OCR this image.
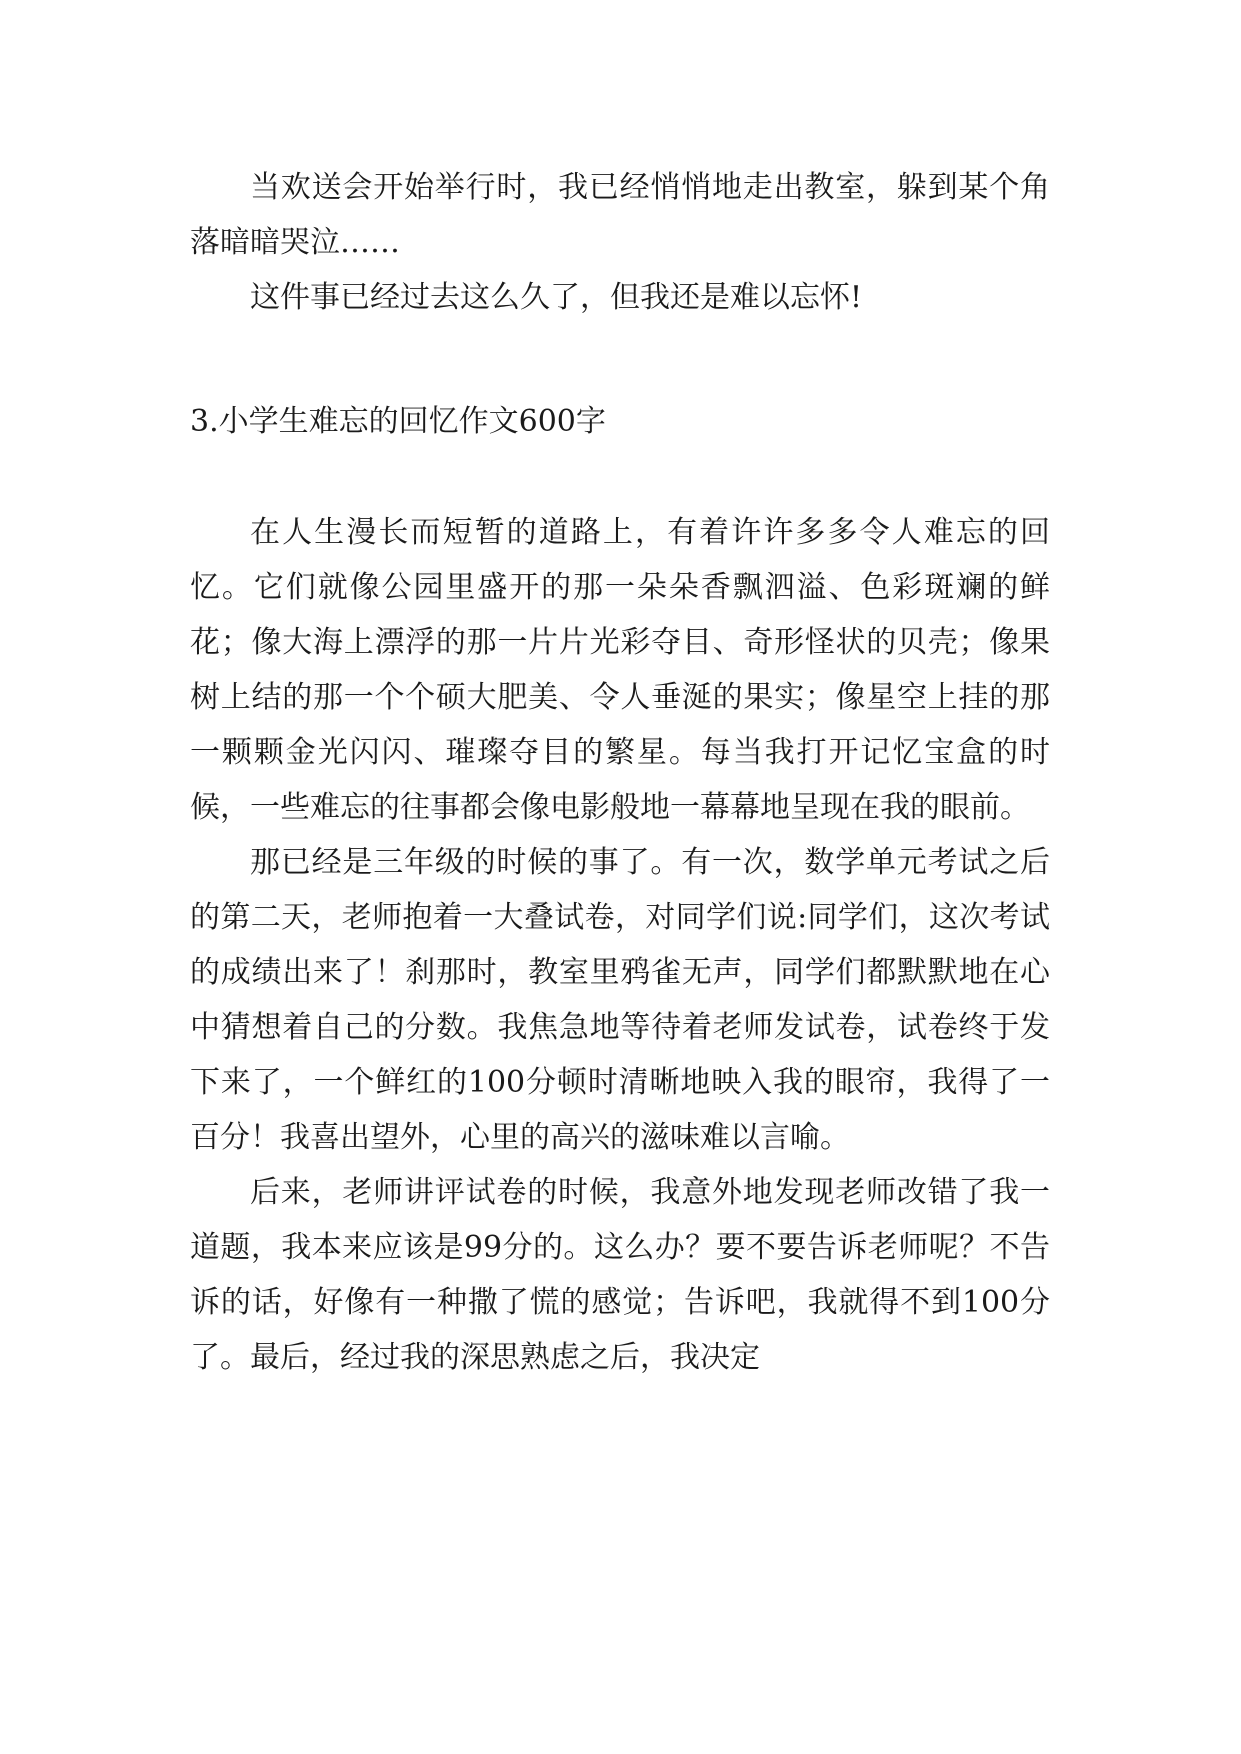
当欢送会开始举行时，我已经悄悄地走出教室，躲到某个角落暗暗哭泣……

这件事已经过去这么久了，但我还是难以忘怀!

3.小学生难忘的回忆作文600字

在人生漫长而短暂的道路上，有着许许多多令人难忘的回忆。它们就像公园里盛开的那一朵朵香飘泗溢、色彩斑斓的鲜花；像大海上漂浮的那一片片光彩夺目、奇形怪状的贝壳；像果树上结的那一个个硕大肥美、令人垂涎的果实；像星空上挂的那一颗颗金光闪闪、璀璨夺目的繁星。每当我打开记忆宝盒的时候，一些难忘的往事都会像电影般地一幕幕地呈现在我的眼前。

那已经是三年级的时候的事了。有一次，数学单元考试之后的第二天，老师抱着一大叠试卷，对同学们说:同学们，这次考试的成绩出来了！刹那时，教室里鸦雀无声，同学们都默默地在心中猜想着自己的分数。我焦急地等待着老师发试卷，试卷终于发下来了，一个鲜红的100分顿时清晰地映入我的眼帘，我得了一百分！我喜出望外，心里的高兴的滋味难以言喻。

后来，老师讲评试卷的时候，我意外地发现老师改错了我一道题，我本来应该是99分的。这么办？要不要告诉老师呢？不告诉的话，好像有一种撒了慌的感觉；告诉吧，我就得不到100分了。最后，经过我的深思熟虑之后，我决定
